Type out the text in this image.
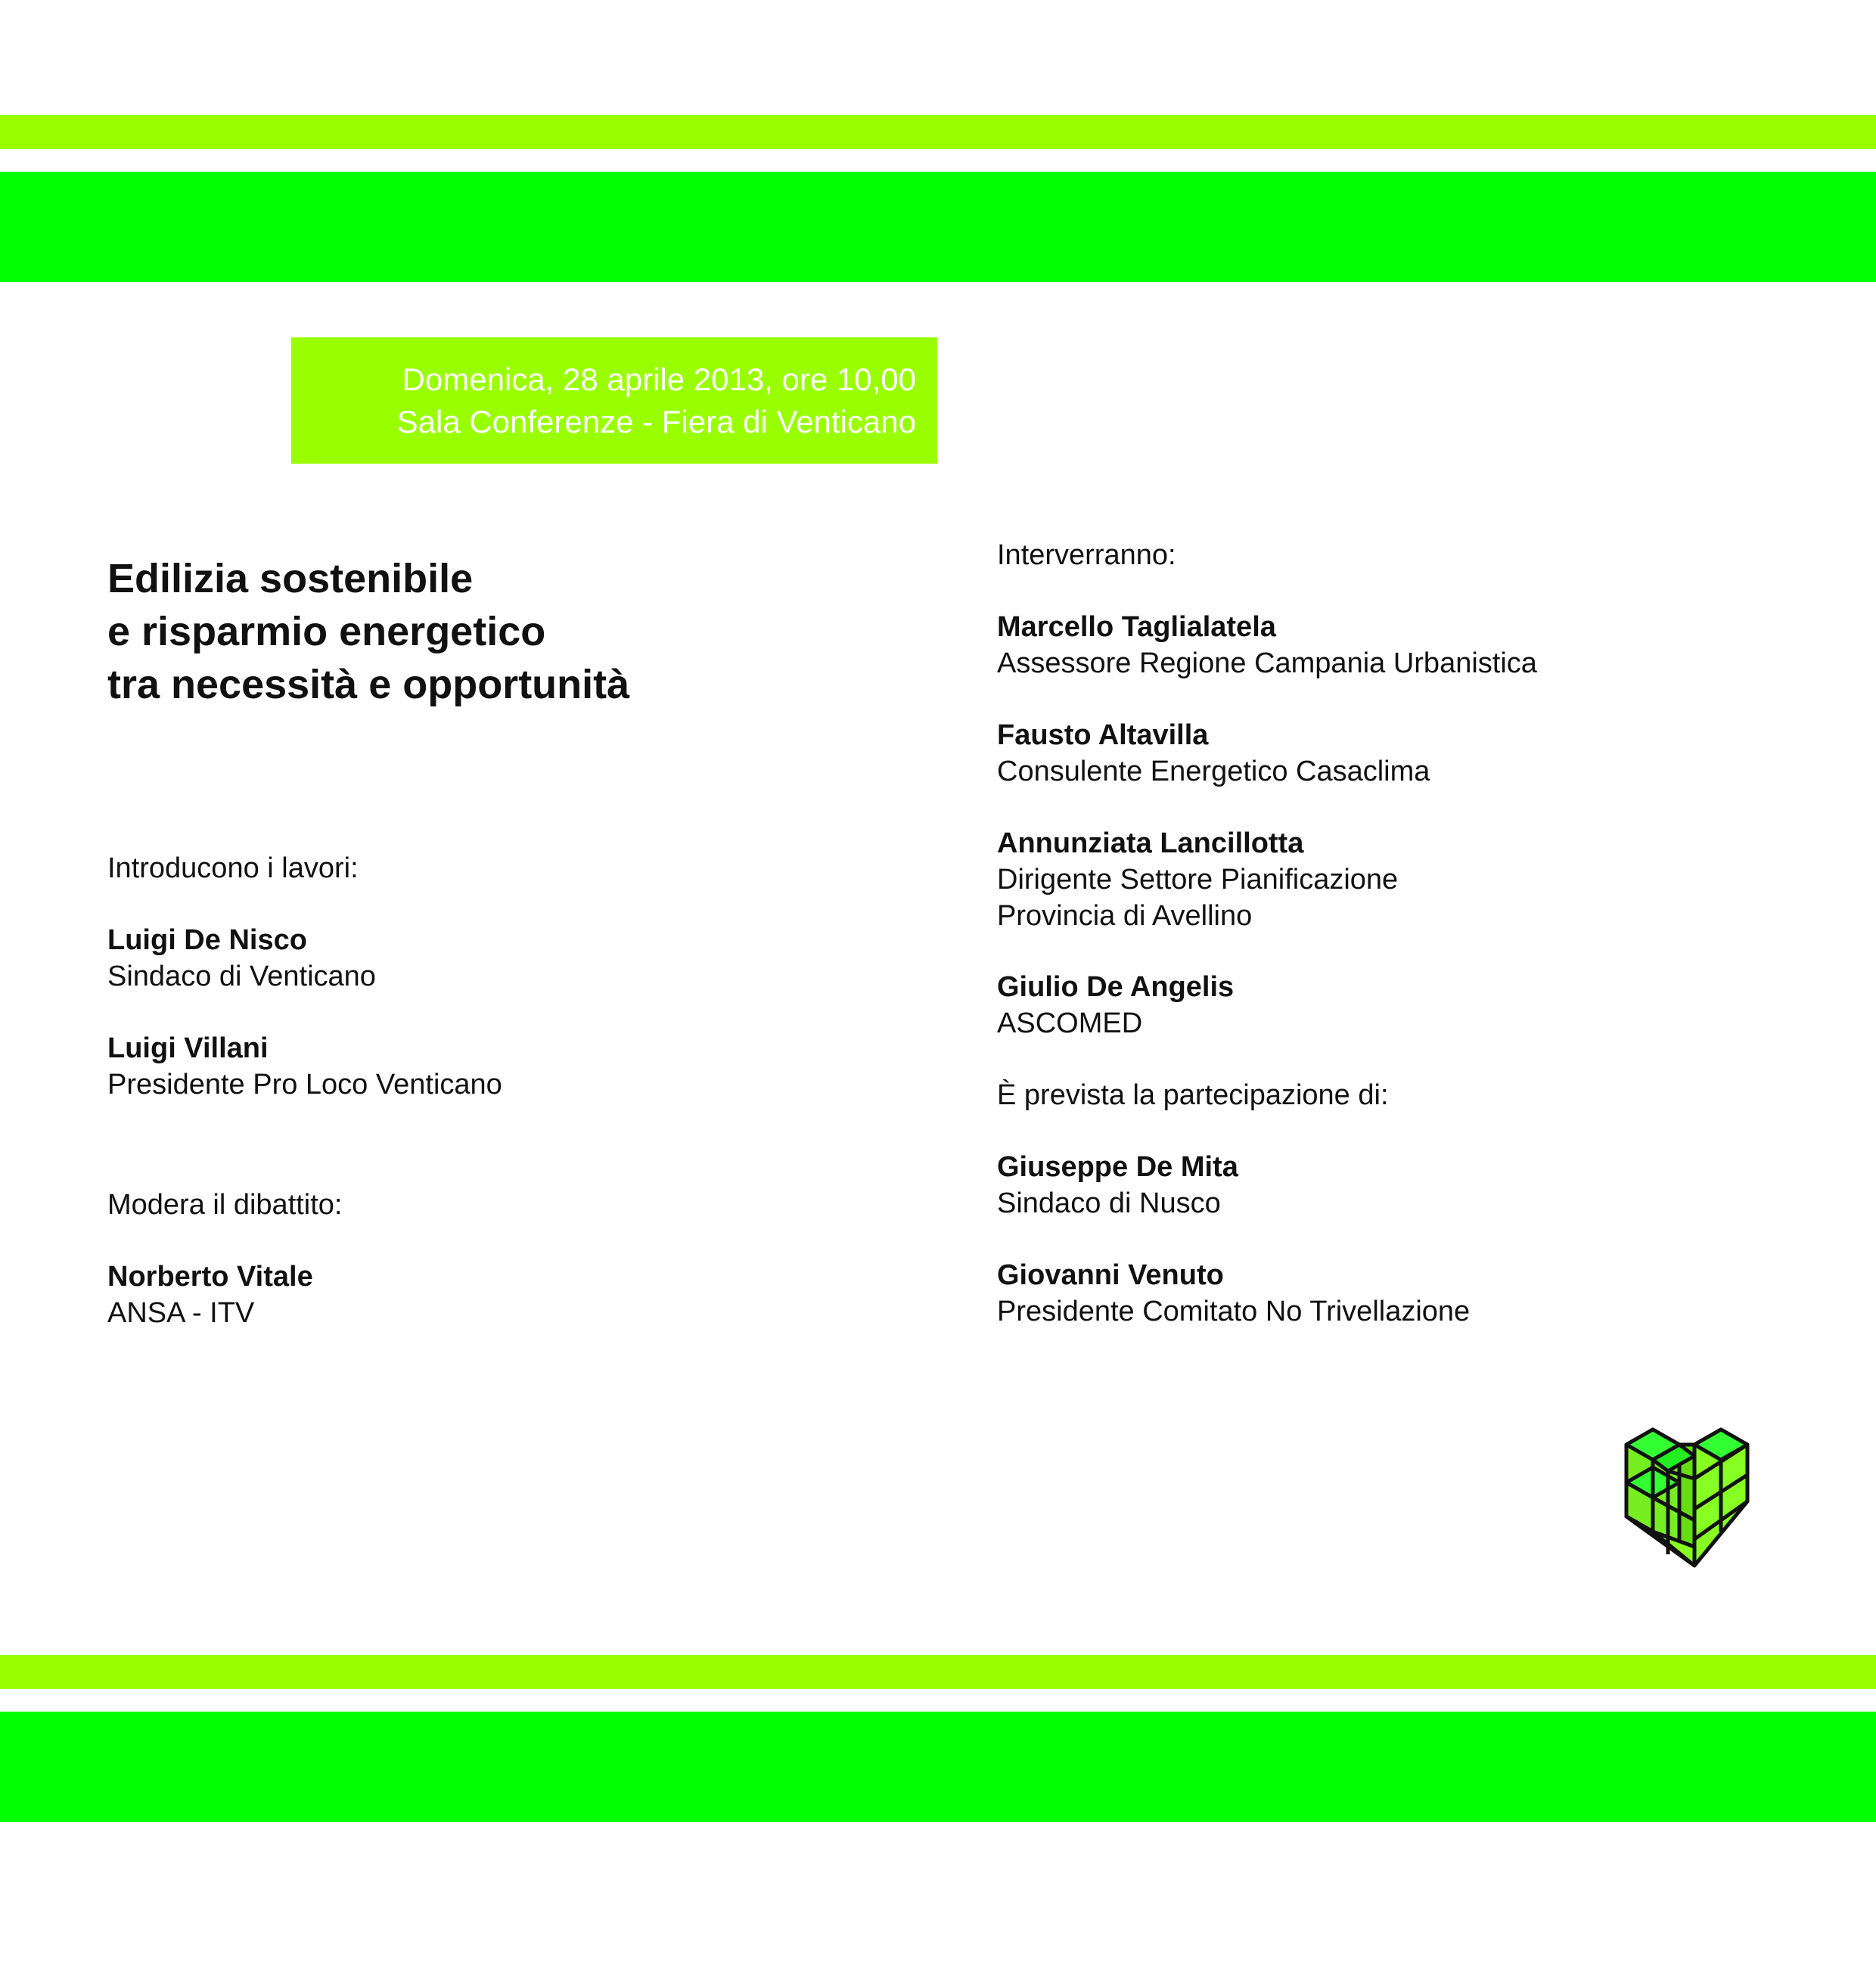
Domenica, 28 aprile 2013, ore 10,00
Sala Conferenze - Fiera di Venticano
Edilizia sostenibile
e risparmio energetico
tra necessità e opportunità
Introducono i lavori:
Luigi De Nisco
Sindaco di Venticano
Luigi Villani
Presidente Pro Loco Venticano
Modera il dibattito:
Norberto Vitale
ANSA - ITV
Interverranno:
Marcello Taglialatela
Assessore Regione Campania Urbanistica
Fausto Altavilla
Consulente Energetico Casaclima
Annunziata Lancillotta
Dirigente Settore Pianificazione
Provincia di Avellino
Giulio De Angelis
ASCOMED
È prevista la partecipazione di:
Giuseppe De Mita
Sindaco di Nusco
Giovanni Venuto
Presidente Comitato No Trivellazione
